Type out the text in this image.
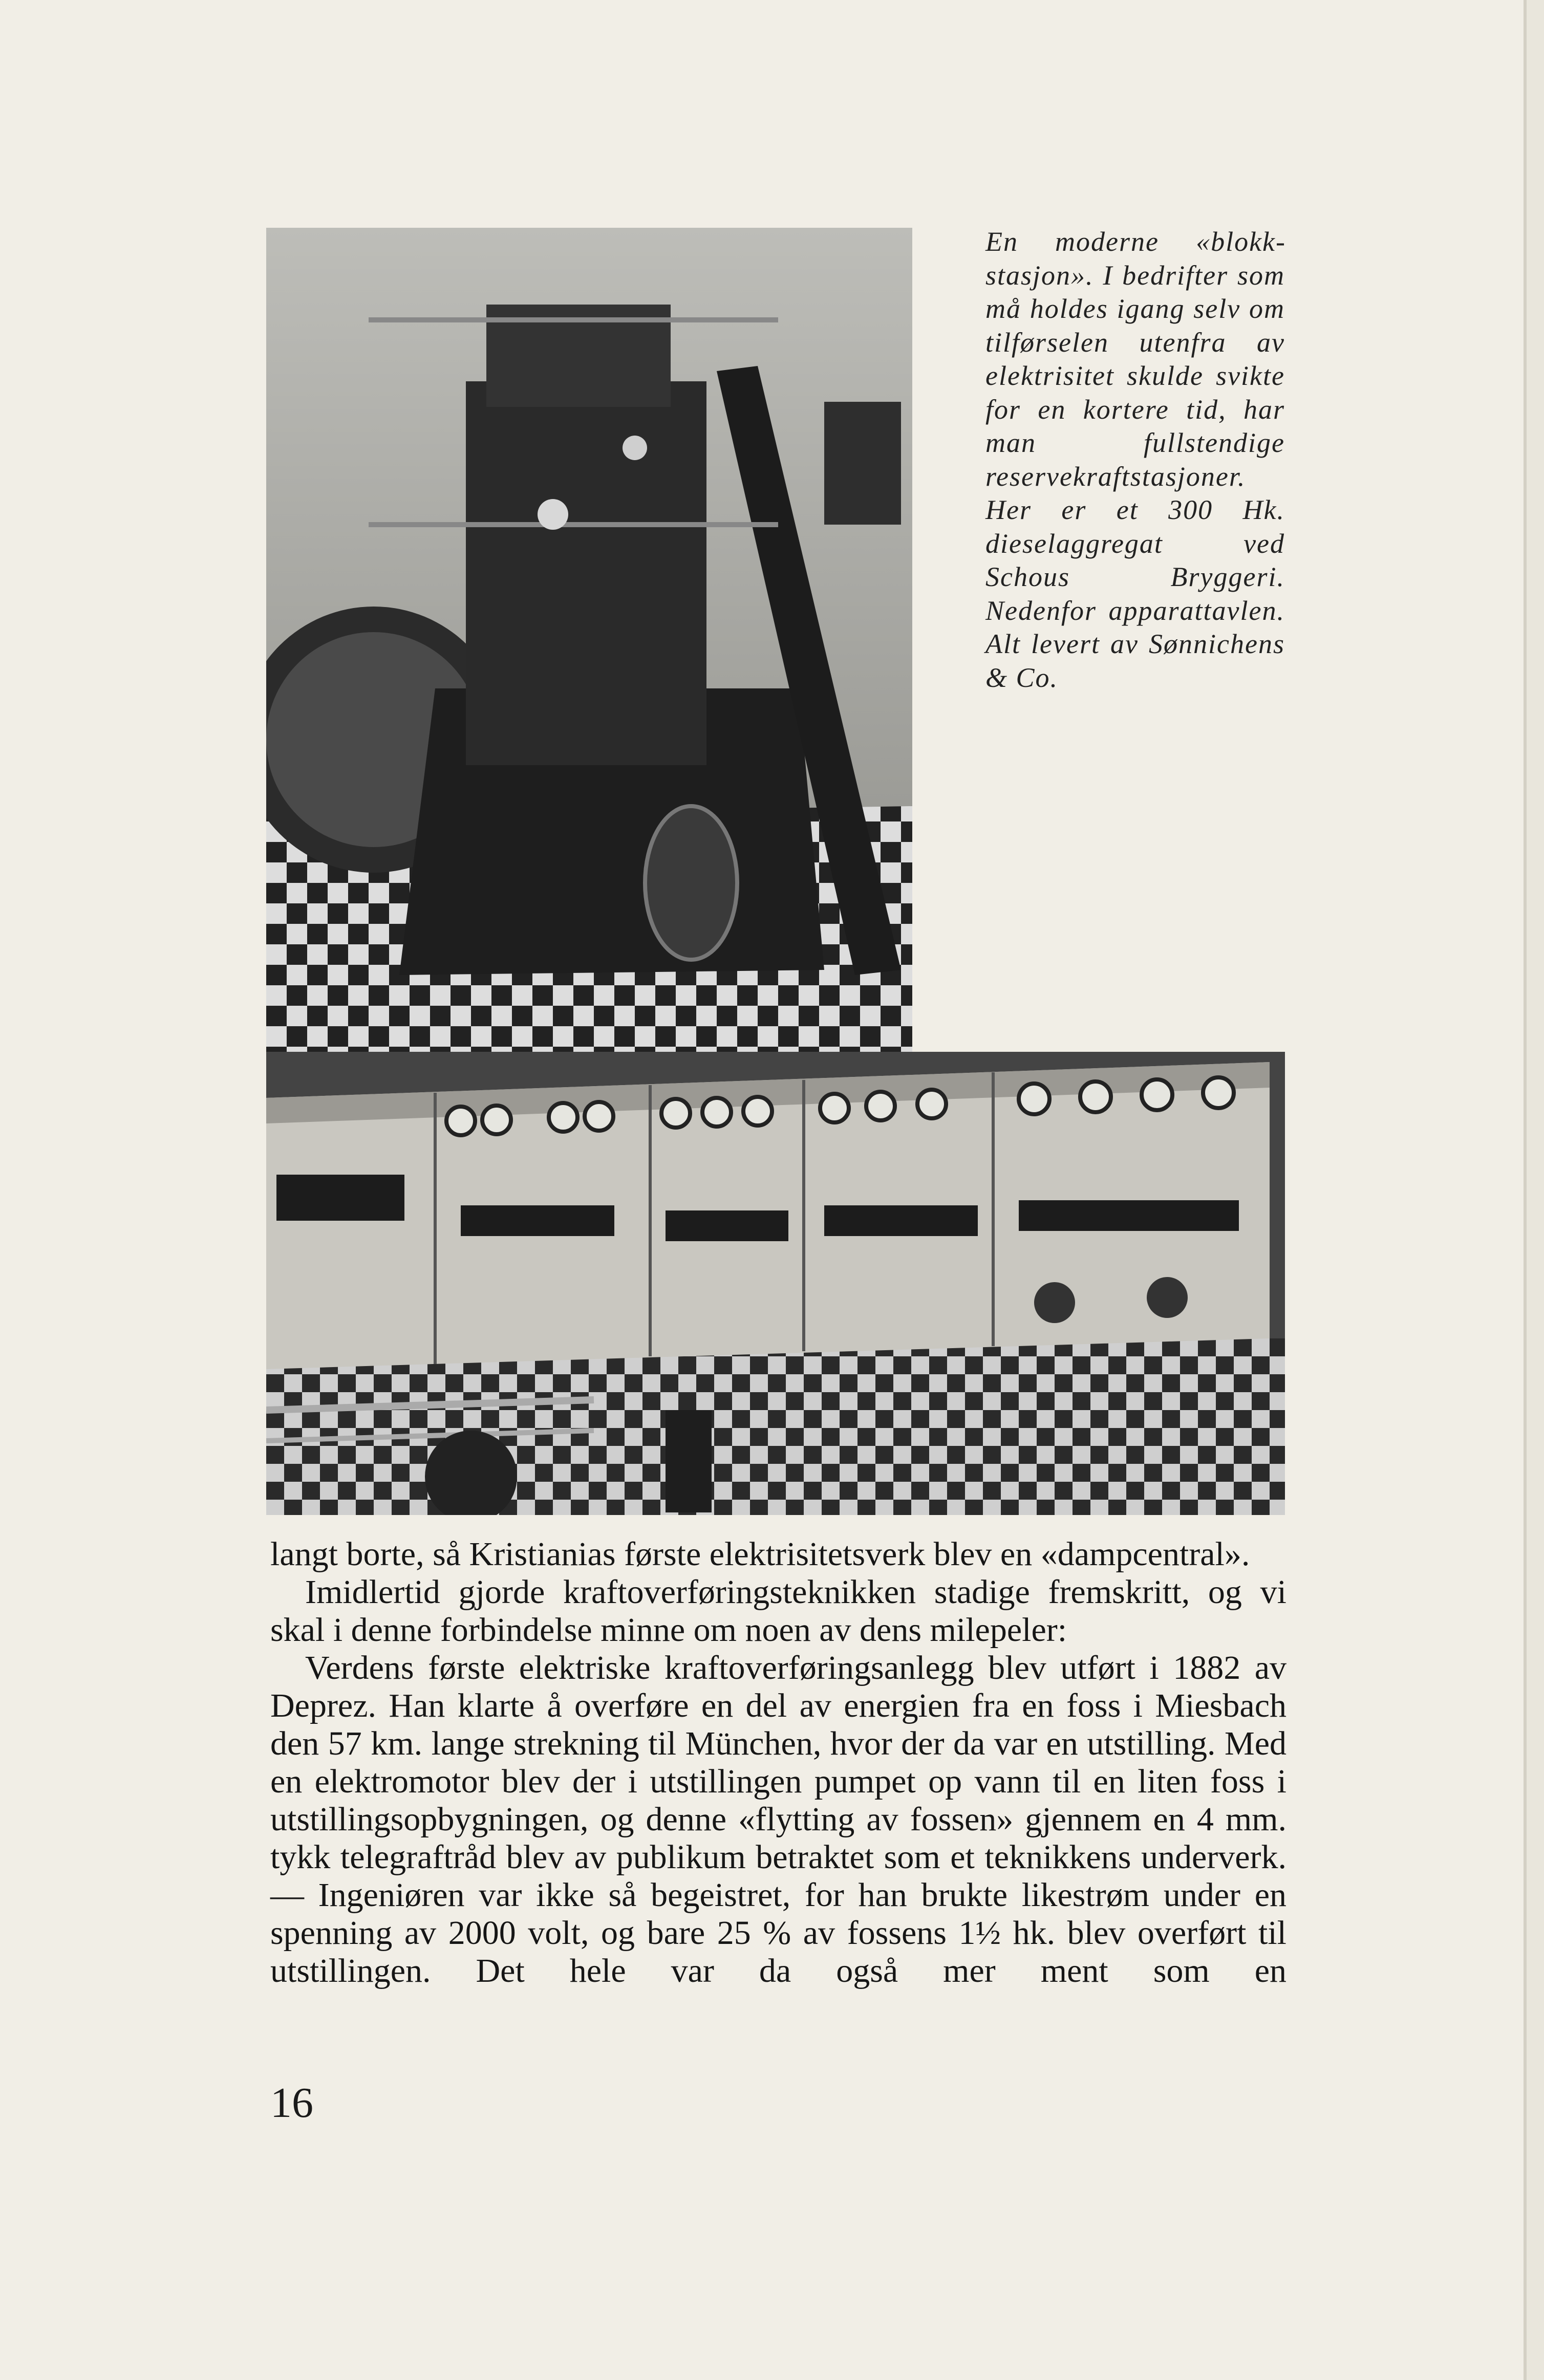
En moderne «blokkstasjon». I bedrifter som må holdes igang selv om tilførselen utenfra av elektrisitet skulde svikte for en kortere tid, har man fullstendige reservekraftstasjoner. Her er et 300 Hk. dieselaggregat ved Schous Bryggeri. Nedenfor apparattavlen. Alt levert av Sønnichens & Co.

langt borte, så Kristianias første elektrisitetsverk blev en «dampcentral».

Imidlertid gjorde kraftoverføringsteknikken stadige fremskritt, og vi skal i denne forbindelse minne om noen av dens milepeler:

Verdens første elektriske kraftoverføringsanlegg blev utført i 1882 av Deprez. Han klarte å overføre en del av energien fra en foss i Miesbach den 57 km. lange strekning til München, hvor der da var en utstilling. Med en elektromotor blev der i utstillingen pumpet op vann til en liten foss i utstillingsopbygningen, og denne «flytting av fossen» gjennem en 4 mm. tykk telegraftråd blev av publikum betraktet som et teknikkens underverk. — Ingeniøren var ikke så begeistret, for han brukte likestrøm under en spenning av 2000 volt, og bare 25 % av fossens 1½ hk. blev overført til utstillingen. Det hele var da også mer ment som en

16
